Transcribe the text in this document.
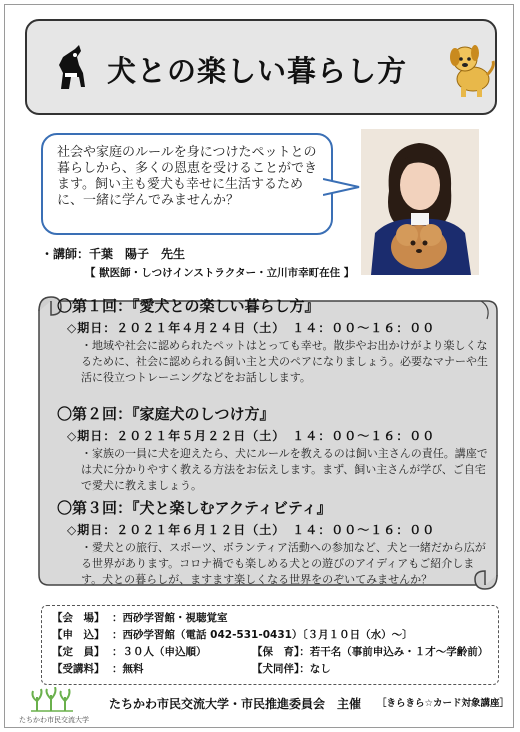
犬との楽しい暮らし方
社会や家庭のルールを身につけたペットとの暮らしから、多くの恩恵を受けることができます。飼い主も愛犬も幸せに生活するために、一緒に学んでみませんか？
・講師：千葉　陽子　先生
【 獣医師・しつけインストラクター・立川市幸町在住 】
〇第１回：『愛犬との楽しい暮らし方』
◇期日：２０２１年４月２４日（土）　１４：００～１６：００
・地域や社会に認められたペットはとっても幸せ。散歩やお出かけがより楽しくなるために、社会に認められる飼い主と犬のペアになりましょう。必要なマナーや生活に役立つトレーニングなどをお話しします。
〇第２回：『家庭犬のしつけ方』
◇期日：２０２１年５月２２日（土）　１４：００～１６：００
・家族の一員に犬を迎えたら、犬にルールを教えるのは飼い主さんの責任。講座では犬に分かりやすく教える方法をお伝えします。まず、飼い主さんが学び、ご自宅で愛犬に教えましょう。
〇第３回：『犬と楽しむアクティビティ』
◇期日：２０２１年６月１２日（土）　１４：００～１６：００
・愛犬との旅行、スポーツ、ボランティア活動への参加など、犬と一緒だから広がる世界があります。コロナ禍でも楽しめる犬との遊びのアイディアもご紹介します。犬との暮らしが、ますます楽しくなる世界をのぞいてみませんか？
【会　場】 ：西砂学習館・視聴覚室
【申　込】 ：西砂学習館（電話 042-531-0431）〔３月１０日（水）～〕
【定　員】 ：３０人（申込順）	【保　育】：若干名（事前申込み・１才～学齢前）
【受講料】 ：無料	【犬同伴】：なし
たちかわ市民交流大学
たちかわ市民交流大学・市民推進委員会　主催 ［きらきら☆カード対象講座］
